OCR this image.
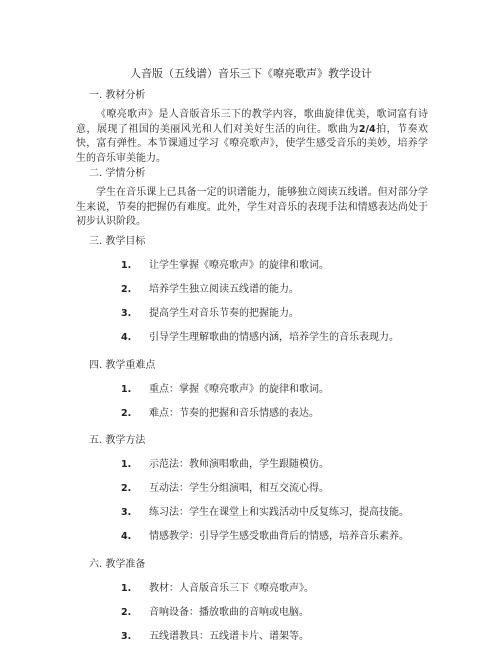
人音版（五线谱）音乐三下《嘹亮歌声》教学设计
一. 教材分析
《嘹亮歌声》是人音版音乐三下的教学内容，歌曲旋律优美，歌词富有诗意，展现了祖国的美丽风光和人们对美好生活的向往。歌曲为2/4拍，节奏欢快，富有弹性。本节课通过学习《嘹亮歌声》，使学生感受音乐的美妙，培养学生的音乐审美能力。
二. 学情分析
学生在音乐课上已具备一定的识谱能力，能够独立阅读五线谱。但对部分学生来说，节奏的把握仍有难度。此外，学生对音乐的表现手法和情感表达尚处于初步认识阶段。
三. 教学目标
1. 让学生掌握《嘹亮歌声》的旋律和歌词。
2. 培养学生独立阅读五线谱的能力。
3. 提高学生对音乐节奏的把握能力。
4. 引导学生理解歌曲的情感内涵，培养学生的音乐表现力。
四. 教学重难点
1. 重点：掌握《嘹亮歌声》的旋律和歌词。
2. 难点：节奏的把握和音乐情感的表达。
五. 教学方法
1. 示范法：教师演唱歌曲，学生跟随模仿。
2. 互动法：学生分组演唱，相互交流心得。
3. 练习法：学生在课堂上和实践活动中反复练习，提高技能。
4. 情感教学：引导学生感受歌曲背后的情感，培养音乐素养。
六. 教学准备
1. 教材：人音版音乐三下《嘹亮歌声》。
2. 音响设备：播放歌曲的音响或电脑。
3. 五线谱教具：五线谱卡片、谱架等。
